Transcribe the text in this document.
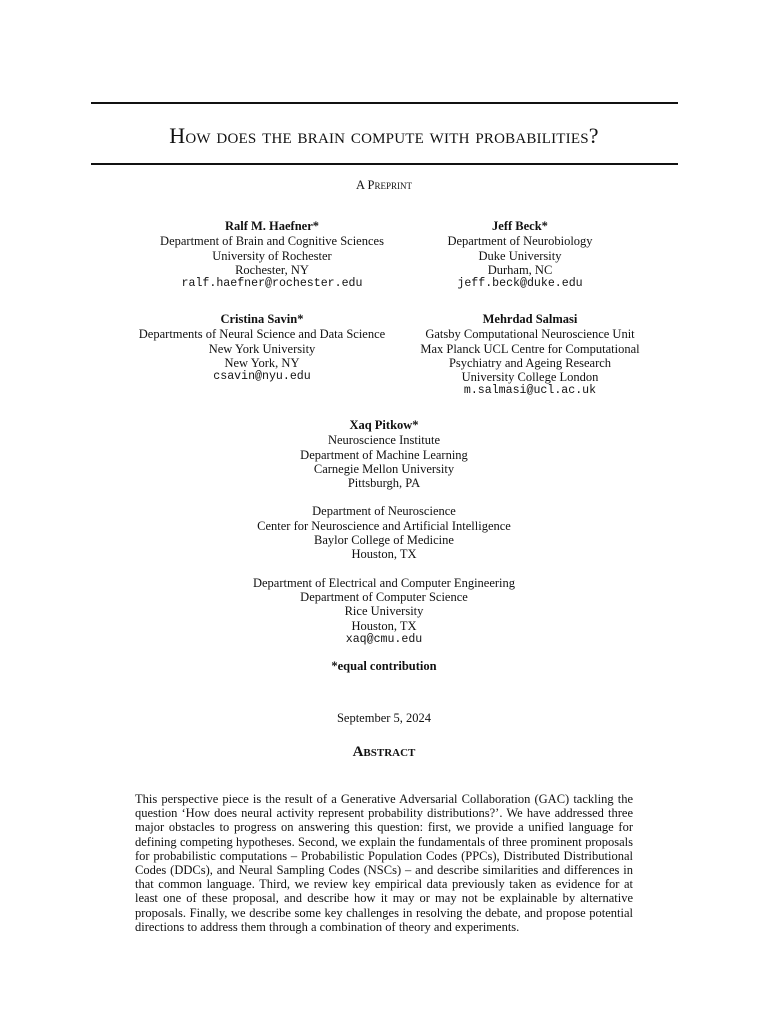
How does the brain compute with probabilities?
A Preprint
Ralf M. Haefner*
Department of Brain and Cognitive Sciences
University of Rochester
Rochester, NY
ralf.haefner@rochester.edu
Jeff Beck*
Department of Neurobiology
Duke University
Durham, NC
jeff.beck@duke.edu
Cristina Savin*
Departments of Neural Science and Data Science
New York University
New York, NY
csavin@nyu.edu
Mehrdad Salmasi
Gatsby Computational Neuroscience Unit
Max Planck UCL Centre for Computational
Psychiatry and Ageing Research
University College London
m.salmasi@ucl.ac.uk
Xaq Pitkow*
Neuroscience Institute
Department of Machine Learning
Carnegie Mellon University
Pittsburgh, PA
Department of Neuroscience
Center for Neuroscience and Artificial Intelligence
Baylor College of Medicine
Houston, TX
Department of Electrical and Computer Engineering
Department of Computer Science
Rice University
Houston, TX
xaq@cmu.edu
*equal contribution
September 5, 2024
Abstract
This perspective piece is the result of a Generative Adversarial Collaboration (GAC) tackling the question ‘How does neural activity represent probability distributions?’. We have addressed three major obstacles to progress on answering this question: first, we provide a unified language for defining competing hypotheses. Second, we explain the fundamentals of three prominent proposals for probabilistic computations – Probabilistic Population Codes (PPCs), Distributed Distributional Codes (DDCs), and Neural Sampling Codes (NSCs) – and describe similarities and differences in that common language. Third, we review key empirical data previously taken as evidence for at least one of these proposal, and describe how it may or may not be explainable by alternative proposals. Finally, we describe some key challenges in resolving the debate, and propose potential directions to address them through a combination of theory and experiments.
